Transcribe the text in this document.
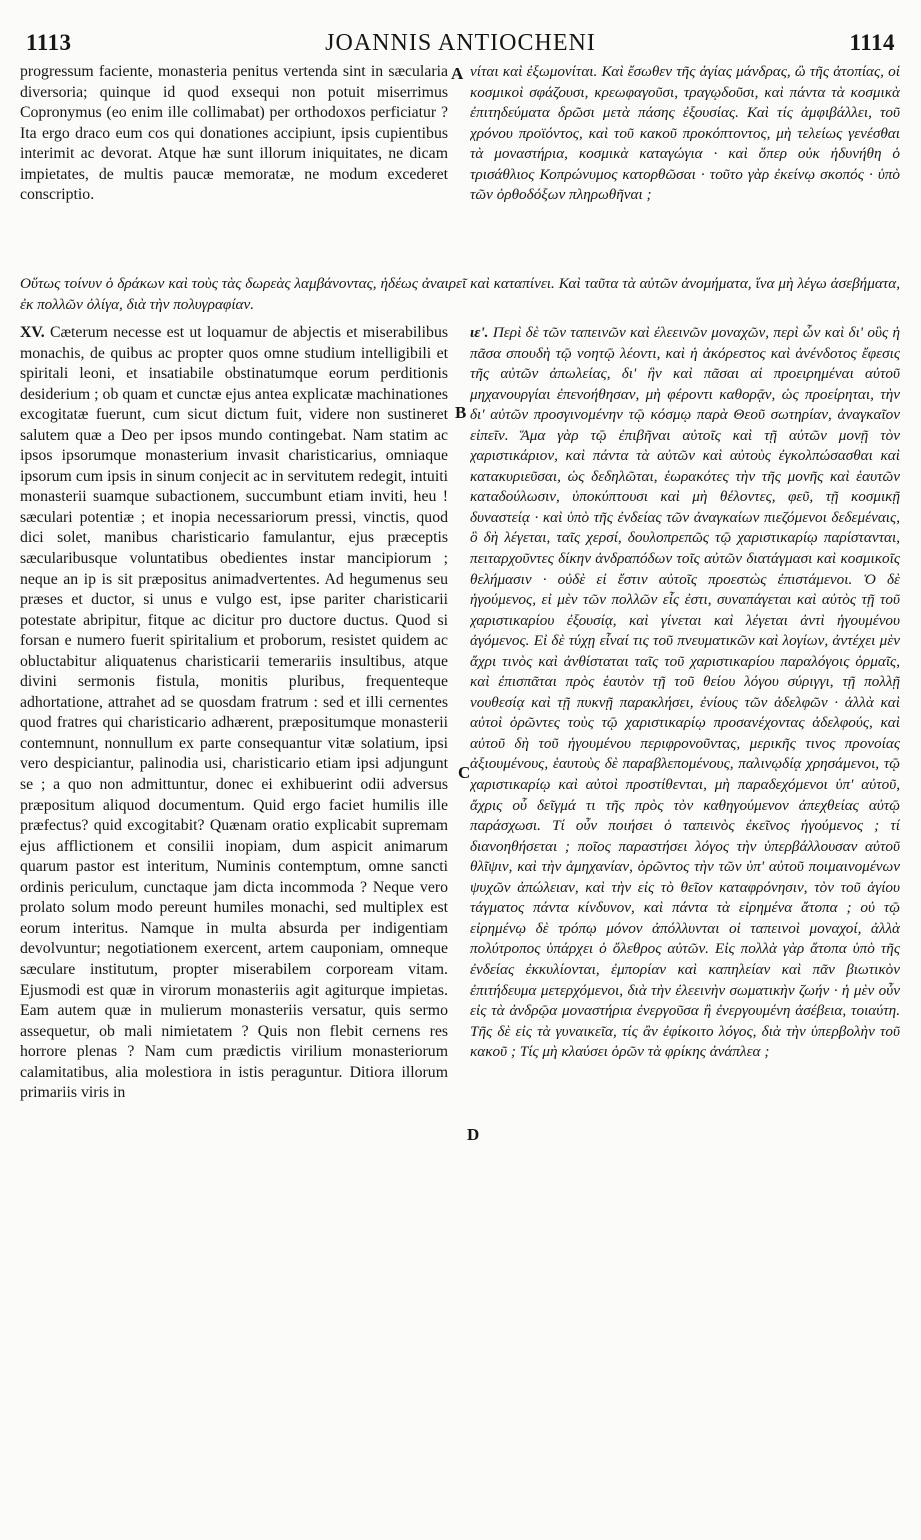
1113	JOANNIS ANTIOCHENI	1114

progressum faciente, monasteria penitus vertenda sint in sæcularia diversoria; quinque id quod exsequi non potuit miserrimus Copronymus (eo enim ille collimabat) per orthodoxos perficiatur ? Ita ergo draco eum cos qui donationes accipiunt, ipsis cupientibus interimit ac devorat. Atque hæ sunt illorum iniquitates, ne dicam impietates, de multis paucæ memoratæ, ne modum excederet conscriptio.

νίται καὶ ἐξωμονίται. Καὶ ἔσωθεν τῆς ἁγίας μάνδρας, ὢ τῆς ἀτοπίας, οἱ κοσμικοὶ σφάζουσι, κρεωφαγοῦσι, τραγῳδοῦσι, καὶ πάντα τὰ κοσμικὰ ἐπιτηδεύματα δρῶσι μετὰ πάσης ἐξουσίας. Καὶ τίς ἀμφιβάλλει, τοῦ χρόνου προϊόντος, καὶ τοῦ κακοῦ προκόπτοντος, μὴ τελείως γενέσθαι τὰ μοναστήρια, κοσμικὰ καταγώγια · καὶ ὅπερ οὐκ ἠδυνήθη ὁ τρισάθλιος Κοπρώνυμος κατορθῶσαι · τοῦτο γὰρ ἐκείνῳ σκοπός · ὑπὸ τῶν ὀρθοδόξων πληρωθῆναι ;

Οὕτως τοίνυν ὁ δράκων καὶ τοὺς τὰς δωρεὰς λαμβάνοντας, ἡδέως ἀναιρεῖ καὶ καταπίνει. Καὶ ταῦτα τὰ αὐτῶν ἀνομήματα, ἵνα μὴ λέγω ἀσεβήματα, ἐκ πολλῶν ὀλίγα, διὰ τὴν πολυγραφίαν.

XV. Cæterum necesse est ut loquamur de abjectis et miserabilibus monachis, de quibus ac propter quos omne studium intelligibili et spiritali leoni, et insatiabile obstinatumque eorum perditionis desiderium ; ob quam et cunctæ ejus antea explicatæ machinationes excogitatæ fuerunt, cum sicut dictum fuit, videre non sustineret salutem quæ a Deo per ipsos mundo contingebat. Nam statim ac ipsos ipsorumque monasterium invasit charisticarius, omniaque ipsorum cum ipsis in sinum conjecit ac in servitutem redegit, intuiti monasterii suamque subactionem, succumbunt etiam inviti, heu ! sæculari potentiæ ; et inopia necessariorum pressi, vinctis, quod dici solet, manibus charisticario famulantur, ejus præceptis sæcularibusque voluntatibus obedientes instar mancipiorum ; neque an ip is sit præpositus animadvertentes. Ad hegumenus seu præses et ductor, si unus e vulgo est, ipse pariter charisticarii potestate abripitur, fitque ac dicitur pro ductore ductus. Quod si forsan e numero fuerit spiritalium et proborum, resistet quidem ac obluctabitur aliquatenus charisticarii temerariis insultibus, atque divini sermonis fistula, monitis pluribus, frequenteque adhortatione, attrahet ad se quosdam fratrum : sed et illi cernentes quod fratres qui charisticario adhærent, præpositumque monasterii contemnunt, nonnullum ex parte consequantur vitæ solatium, ipsi vero despiciantur, palinodia usi, charisticario etiam ipsi adjungunt se ; a quo non admittuntur, donec ei exhibuerint odii adversus præpositum aliquod documentum. Quid ergo faciet humilis ille præfectus? quid excogitabit? Quænam oratio explicabit supremam ejus afflictionem et consilii inopiam, dum aspicit animarum quarum pastor est interitum, Numinis contemptum, omne sancti ordinis periculum, cunctaque jam dicta incommoda ? Neque vero prolato solum modo pereunt humiles monachi, sed multiplex est eorum interitus. Namque in multa absurda per indigentiam devolvuntur; negotiationem exercent, artem cauponiam, omneque sæculare institutum, propter miserabilem corpoream vitam. Ejusmodi est quæ in virorum monasteriis agit agiturque impietas. Eam autem quæ in mulierum monasteriis versatur, quis sermo assequetur, ob mali nimietatem ? Quis non flebit cernens res horrore plenas ? Nam cum prædictis virilium monasteriorum calamitatibus, alia molestiora in istis peraguntur. Ditiora illorum primariis viris in

ιε'. Περὶ δὲ τῶν ταπεινῶν καὶ ἐλεεινῶν μοναχῶν, περὶ ὧν καὶ δι' οὓς ἡ πᾶσα σπουδὴ τῷ νοητῷ λέοντι, καὶ ἡ ἀκόρεστος καὶ ἀνένδοτος ἔφεσις τῆς αὐτῶν ἀπωλείας, δι' ἣν καὶ πᾶσαι αἱ προειρημέναι αὐτοῦ μηχανουργίαι ἐπενοήθησαν, μὴ φέροντι καθορᾷν, ὡς προείρηται, τὴν δι' αὐτῶν προσγινομένην τῷ κόσμῳ παρὰ Θεοῦ σωτηρίαν, ἀναγκαῖον εἰπεῖν. Ἅμα γὰρ τῷ ἐπιβῆναι αὐτοῖς καὶ τῇ αὐτῶν μονῇ τὸν χαριστικάριον, καὶ πάντα τὰ αὐτῶν καὶ αὐτοὺς ἐγκολπώσασθαι καὶ κατακυριεῦσαι, ὡς δεδηλῶται, ἑωρακότες τὴν τῆς μονῆς καὶ ἑαυτῶν καταδούλωσιν, ὑποκύπτουσι καὶ μὴ θέλοντες, φεῦ, τῇ κοσμικῇ δυναστείᾳ · καὶ ὑπὸ τῆς ἐνδείας τῶν ἀναγκαίων πιεζόμενοι δεδεμέναις, ὃ δὴ λέγεται, ταῖς χερσί, δουλοπρεπῶς τῷ χαριστικαρίῳ παρίστανται, πειταρχοῦντες δίκην ἀνδραπόδων τοῖς αὐτῶν διατάγμασι καὶ κοσμικοῖς θελήμασιν · οὐδὲ εἰ ἔστιν αὐτοῖς προεστὼς ἐπιστάμενοι. Ὁ δὲ ἡγούμενος, εἰ μὲν τῶν πολλῶν εἷς ἐστι, συναπάγεται καὶ αὐτὸς τῇ τοῦ χαριστικαρίου ἐξουσίᾳ, καὶ γίνεται καὶ λέγεται ἀντὶ ἡγουμένου ἀγόμενος. Εἰ δὲ τύχῃ εἶναί τις τοῦ πνευματικῶν καὶ λογίων, ἀντέχει μὲν ἄχρι τινὸς καὶ ἀνθίσταται ταῖς τοῦ χαριστικαρίου παραλόγοις ὁρμαῖς, καὶ ἐπισπᾶται πρὸς ἑαυτὸν τῇ τοῦ θείου λόγου σύριγγι, τῇ πολλῇ νουθεσίᾳ καὶ τῇ πυκνῇ παρακλήσει, ἐνίους τῶν ἀδελφῶν · ἀλλὰ καὶ αὐτοὶ ὁρῶντες τοὺς τῷ χαριστικαρίῳ προσανέχοντας ἀδελφούς, καὶ αὐτοῦ δὴ τοῦ ἡγουμένου περιφρονοῦντας, μερικῆς τινος προνοίας ἀξιουμένους, ἑαυτοὺς δὲ παραβλεπομένους, παλινῳδίᾳ χρησάμενοι, τῷ χαριστικαρίῳ καὶ αὐτοὶ προστίθενται, μὴ παραδεχόμενοι ὑπ' αὐτοῦ, ἄχρις οὗ δεῖγμά τι τῆς πρὸς τὸν καθηγούμενον ἀπεχθείας αὐτῷ παράσχωσι. Τί οὖν ποιήσει ὁ ταπεινὸς ἐκεῖνος ἡγούμενος ; τί διανοηθήσεται ; ποῖος παραστήσει λόγος τὴν ὑπερβάλλουσαν αὐτοῦ θλῖψιν, καὶ τὴν ἀμηχανίαν, ὁρῶντος τὴν τῶν ὑπ' αὐτοῦ ποιμαινομένων ψυχῶν ἀπώλειαν, καὶ τὴν εἰς τὸ θεῖον καταφρόνησιν, τὸν τοῦ ἁγίου τάγματος πάντα κίνδυνον, καὶ πάντα τὰ εἰρημένα ἄτοπα ; οὐ τῷ εἰρημένῳ δὲ τρόπῳ μόνον ἀπόλλυνται οἱ ταπεινοὶ μοναχοί, ἀλλὰ πολύτροπος ὑπάρχει ὁ ὄλεθρος αὐτῶν. Εἰς πολλὰ γὰρ ἄτοπα ὑπὸ τῆς ἐνδείας ἐκκυλίονται, ἐμπορίαν καὶ καπηλείαν καὶ πᾶν βιωτικὸν ἐπιτήδευμα μετερχόμενοι, διὰ τὴν ἐλεεινὴν σωματικὴν ζωήν · ἡ μὲν οὖν εἰς τὰ ἀνδρῷα μοναστήρια ἐνεργοῦσα ἢ ἐνεργουμένη ἀσέβεια, τοιαύτη. Τῆς δὲ εἰς τὰ γυναικεῖα, τίς ἂν ἐφίκοιτο λόγος, διὰ τὴν ὑπερβολὴν τοῦ κακοῦ ; Τίς μὴ κλαύσει ὁρῶν τὰ φρίκης ἀνάπλεα ;

A
B
C
D
